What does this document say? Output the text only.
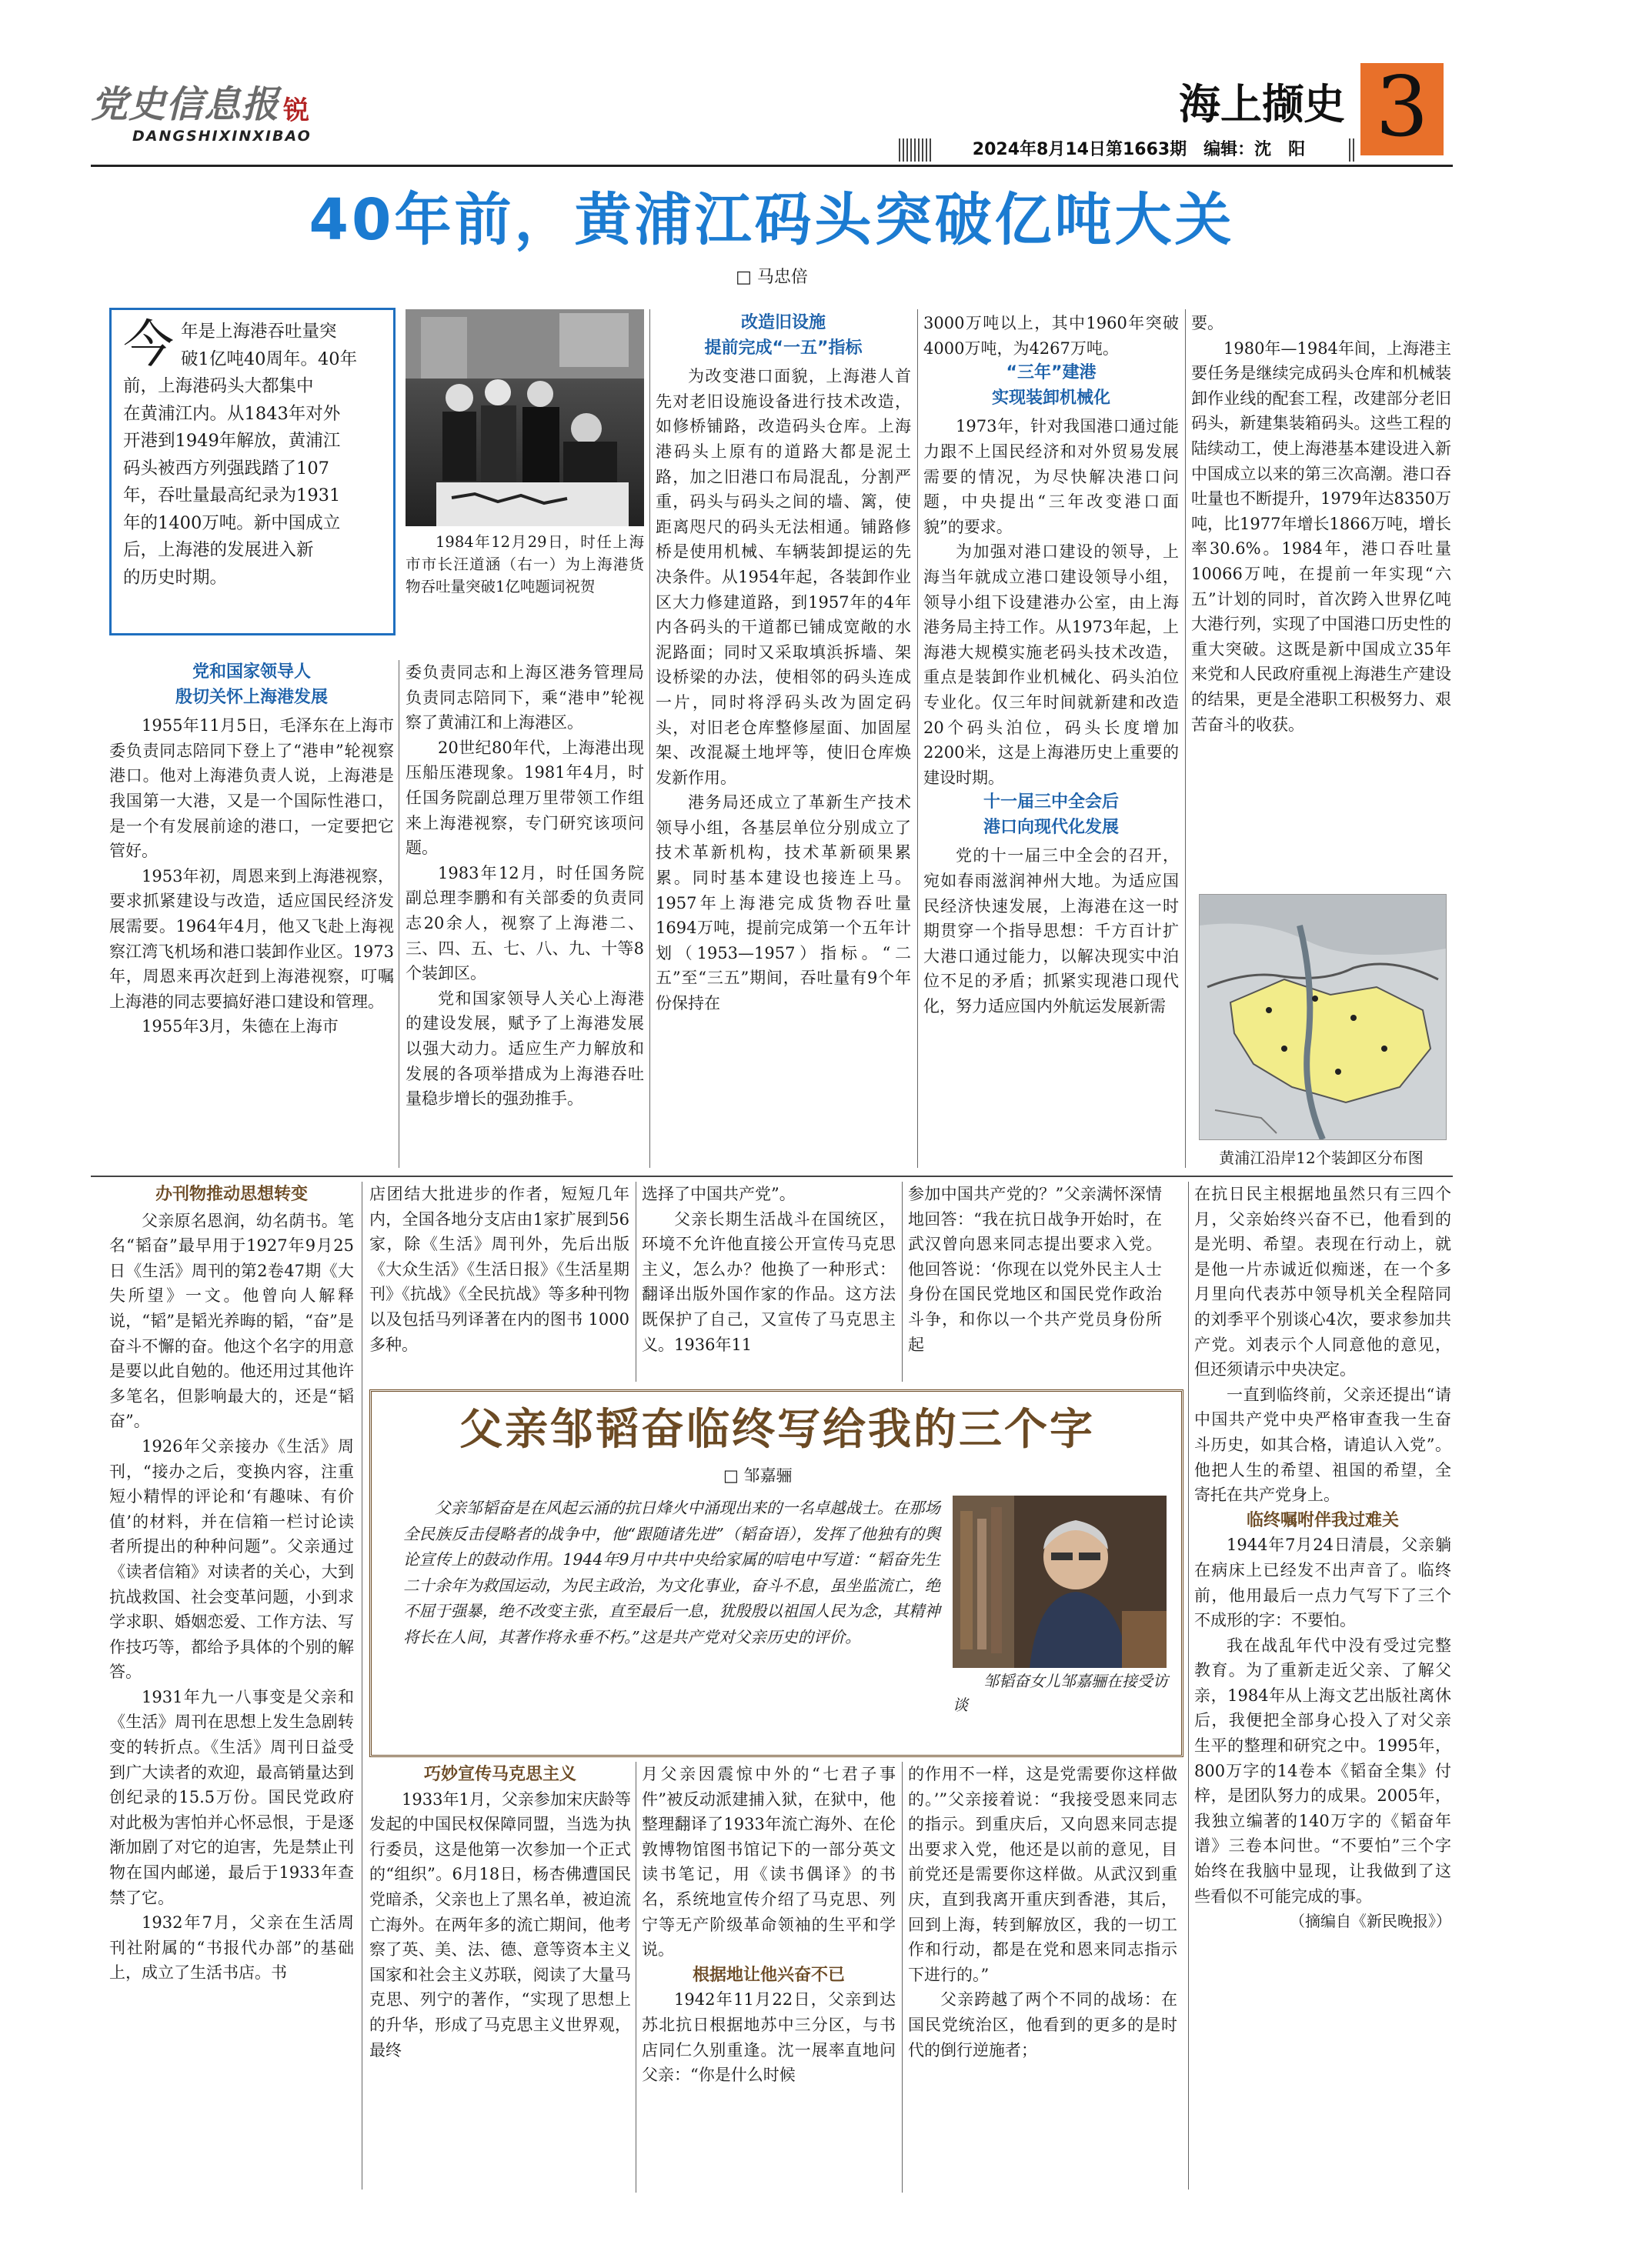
党史信息报 锐
DANGSHIXINXIBAO
海上撷史 3
2024年8月14日第1663期　编辑：沈　阳
40年前，黄浦江码头突破亿吨大关
□ 马忠倍
今 年是上海港吞吐量突
破1亿吨40周年。40年
前，上海港码头大都集中
在黄浦江内。从1843年对外
开港到1949年解放，黄浦江
码头被西方列强践踏了107
年，吞吐量最高纪录为1931
年的1400万吨。新中国成立
后，上海港的发展进入新
的历史时期。
1984年12月29日，时任上海市市长汪道涵（右一）为上海港货物吞吐量突破1亿吨题词祝贺
党和国家领导人
殷切关怀上海港发展

1955年11月5日，毛泽东在上海市委负责同志陪同下登上了“港申”轮视察港口。他对上海港负责人说，上海港是我国第一大港，又是一个国际性港口，是一个有发展前途的港口，一定要把它管好。

1953年初，周恩来到上海港视察，要求抓紧建设与改造，适应国民经济发展需要。1964年4月，他又飞赴上海视察江湾飞机场和港口装卸作业区。1973年，周恩来再次赶到上海港视察，叮嘱上海港的同志要搞好港口建设和管理。

1955年3月，朱德在上海市

委负责同志和上海区港务管理局负责同志陪同下，乘“港申”轮视察了黄浦江和上海港区。

20世纪80年代，上海港出现压船压港现象。1981年4月，时任国务院副总理万里带领工作组来上海港视察，专门研究该项问题。

1983年12月，时任国务院副总理李鹏和有关部委的负责同志20余人，视察了上海港二、三、四、五、七、八、九、十等8个装卸区。

党和国家领导人关心上海港的建设发展，赋予了上海港发展以强大动力。适应生产力解放和发展的各项举措成为上海港吞吐量稳步增长的强劲推手。

改造旧设施
提前完成“一五”指标

为改变港口面貌，上海港人首先对老旧设施设备进行技术改造，如修桥铺路，改造码头仓库。上海港码头上原有的道路大都是泥土路，加之旧港口布局混乱，分割严重，码头与码头之间的墙、篱，使距离咫尺的码头无法相通。铺路修桥是使用机械、车辆装卸提运的先决条件。从1954年起，各装卸作业区大力修建道路，到1957年的4年内各码头的干道都已铺成宽敞的水泥路面；同时又采取填浜拆墙、架设桥梁的办法，使相邻的码头连成一片，同时将浮码头改为固定码头，对旧老仓库整修屋面、加固屋架、改混凝土地坪等，使旧仓库焕发新作用。

港务局还成立了革新生产技术领导小组，各基层单位分别成立了技术革新机构，技术革新硕果累累。同时基本建设也接连上马。1957年上海港完成货物吞吐量1694万吨，提前完成第一个五年计划（1953—1957）指标。“二五”至“三五”期间，吞吐量有9个年份保持在

3000万吨以上，其中1960年突破4000万吨，为4267万吨。

“三年”建港
实现装卸机械化

1973年，针对我国港口通过能力跟不上国民经济和对外贸易发展需要的情况，为尽快解决港口问题，中央提出“三年改变港口面貌”的要求。

为加强对港口建设的领导，上海当年就成立港口建设领导小组，领导小组下设建港办公室，由上海港务局主持工作。从1973年起，上海港大规模实施老码头技术改造，重点是装卸作业机械化、码头泊位专业化。仅三年时间就新建和改造20个码头泊位，码头长度增加2200米，这是上海港历史上重要的建设时期。

十一届三中全会后
港口向现代化发展

党的十一届三中全会的召开，宛如春雨滋润神州大地。为适应国民经济快速发展，上海港在这一时期贯穿一个指导思想：千方百计扩大港口通过能力，以解决现实中泊位不足的矛盾；抓紧实现港口现代化，努力适应国内外航运发展新需

要。

1980年—1984年间，上海港主要任务是继续完成码头仓库和机械装卸作业线的配套工程，改建部分老旧码头，新建集装箱码头。这些工程的陆续动工，使上海港基本建设进入新中国成立以来的第三次高潮。港口吞吐量也不断提升，1979年达8350万吨，比1977年增长1866万吨，增长率30.6%。1984年，港口吞吐量10066万吨，在提前一年实现“六五”计划的同时，首次跨入世界亿吨大港行列，实现了中国港口历史性的重大突破。这既是新中国成立35年来党和人民政府重视上海港生产建设的结果，更是全港职工积极努力、艰苦奋斗的收获。

黄浦江沿岸12个装卸区分布图
办刊物推动思想转变

父亲原名恩润，幼名荫书。笔名“韬奋”最早用于1927年9月25日《生活》周刊的第2卷47期《大失所望》一文。他曾向人解释说，“韬”是韬光养晦的韬，“奋”是奋斗不懈的奋。他这个名字的用意是要以此自勉的。他还用过其他许多笔名，但影响最大的，还是“韬奋”。

1926年父亲接办《生活》周刊，“接办之后，变换内容，注重短小精悍的评论和‘有趣味、有价值’的材料，并在信箱一栏讨论读者所提出的种种问题”。父亲通过《读者信箱》对读者的关心，大到抗战救国、社会变革问题，小到求学求职、婚姻恋爱、工作方法、写作技巧等，都给予具体的个别的解答。

1931年九一八事变是父亲和《生活》周刊在思想上发生急剧转变的转折点。《生活》周刊日益受到广大读者的欢迎，最高销量达到创纪录的15.5万份。国民党政府对此极为害怕并心怀忌恨，于是逐渐加剧了对它的迫害，先是禁止刊物在国内邮递，最后于1933年查禁了它。

1932年7月，父亲在生活周刊社附属的“书报代办部”的基础上，成立了生活书店。书

店团结大批进步的作者，短短几年内，全国各地分支店由1家扩展到56家，除《生活》周刊外，先后出版《大众生活》《生活日报》《生活星期刊》《抗战》《全民抗战》等多种刊物以及包括马列译著在内的图书 1000多种。

选择了中国共产党”。

父亲长期生活战斗在国统区，环境不允许他直接公开宣传马克思主义，怎么办？他换了一种形式：翻译出版外国作家的作品。这方法既保护了自己，又宣传了马克思主义。1936年11

参加中国共产党的？”父亲满怀深情地回答：“我在抗日战争开始时，在武汉曾向恩来同志提出要求入党。他回答说：‘你现在以党外民主人士身份在国民党地区和国民党作政治斗争，和你以一个共产党员身份所起

在抗日民主根据地虽然只有三四个月，父亲始终兴奋不已，他看到的是光明、希望。表现在行动上，就是他一片赤诚近似痴迷，在一个多月里向代表苏中领导机关全程陪同的刘季平个别谈心4次，要求参加共产党。刘表示个人同意他的意见，但还须请示中央决定。

一直到临终前，父亲还提出“请中国共产党中央严格审查我一生奋斗历史，如其合格，请追认入党”。他把人生的希望、祖国的希望，全寄托在共产党身上。

临终嘱咐伴我过难关

1944年7月24日清晨，父亲躺在病床上已经发不出声音了。临终前，他用最后一点力气写下了三个不成形的字：不要怕。

我在战乱年代中没有受过完整教育。为了重新走近父亲、了解父亲，1984年从上海文艺出版社离休后，我便把全部身心投入了对父亲生平的整理和研究之中。1995年，800万字的14卷本《韬奋全集》付梓，是团队努力的成果。2005年，我独立编著的140万字的《韬奋年谱》三卷本问世。“不要怕”三个字始终在我脑中显现，让我做到了这些看似不可能完成的事。

（摘编自《新民晚报》）
父亲邹韬奋临终写给我的三个字
□ 邹嘉骊
父亲邹韬奋是在风起云涌的抗日烽火中涌现出来的一名卓越战士。在那场全民族反击侵略者的战争中，他“跟随诸先进”（韬奋语），发挥了他独有的舆论宣传上的鼓动作用。1944年9月中共中央给家属的唁电中写道：“韬奋先生二十余年为救国运动，为民主政治，为文化事业，奋斗不息，虽坐监流亡，绝不屈于强暴，绝不改变主张，直至最后一息，犹殷殷以祖国人民为念，其精神将长在人间，其著作将永垂不朽。”这是共产党对父亲历史的评价。
邹韬奋女儿邹嘉骊在接受访谈
巧妙宣传马克思主义

1933年1月，父亲参加宋庆龄等发起的中国民权保障同盟，当选为执行委员，这是他第一次参加一个正式的“组织”。6月18日，杨杏佛遭国民党暗杀，父亲也上了黑名单，被迫流亡海外。在两年多的流亡期间，他考察了英、美、法、德、意等资本主义国家和社会主义苏联，阅读了大量马克思、列宁的著作，“实现了思想上的升华，形成了马克思主义世界观，最终

月父亲因震惊中外的“七君子事件”被反动派建捕入狱，在狱中，他整理翻译了1933年流亡海外、在伦敦博物馆图书馆记下的一部分英文读书笔记，用《读书偶译》的书名，系统地宣传介绍了马克思、列宁等无产阶级革命领袖的生平和学说。

根据地让他兴奋不已

1942年11月22日，父亲到达苏北抗日根据地苏中三分区，与书店同仁久别重逢。沈一展率直地问父亲：“你是什么时候

的作用不一样，这是党需要你这样做的。’”父亲接着说：“我接受恩来同志的指示。到重庆后，又向恩来同志提出要求入党，他还是以前的意见，目前党还是需要你这样做。从武汉到重庆，直到我离开重庆到香港，其后，回到上海，转到解放区，我的一切工作和行动，都是在党和恩来同志指示下进行的。”

父亲跨越了两个不同的战场：在国民党统治区，他看到的更多的是时代的倒行逆施者；
